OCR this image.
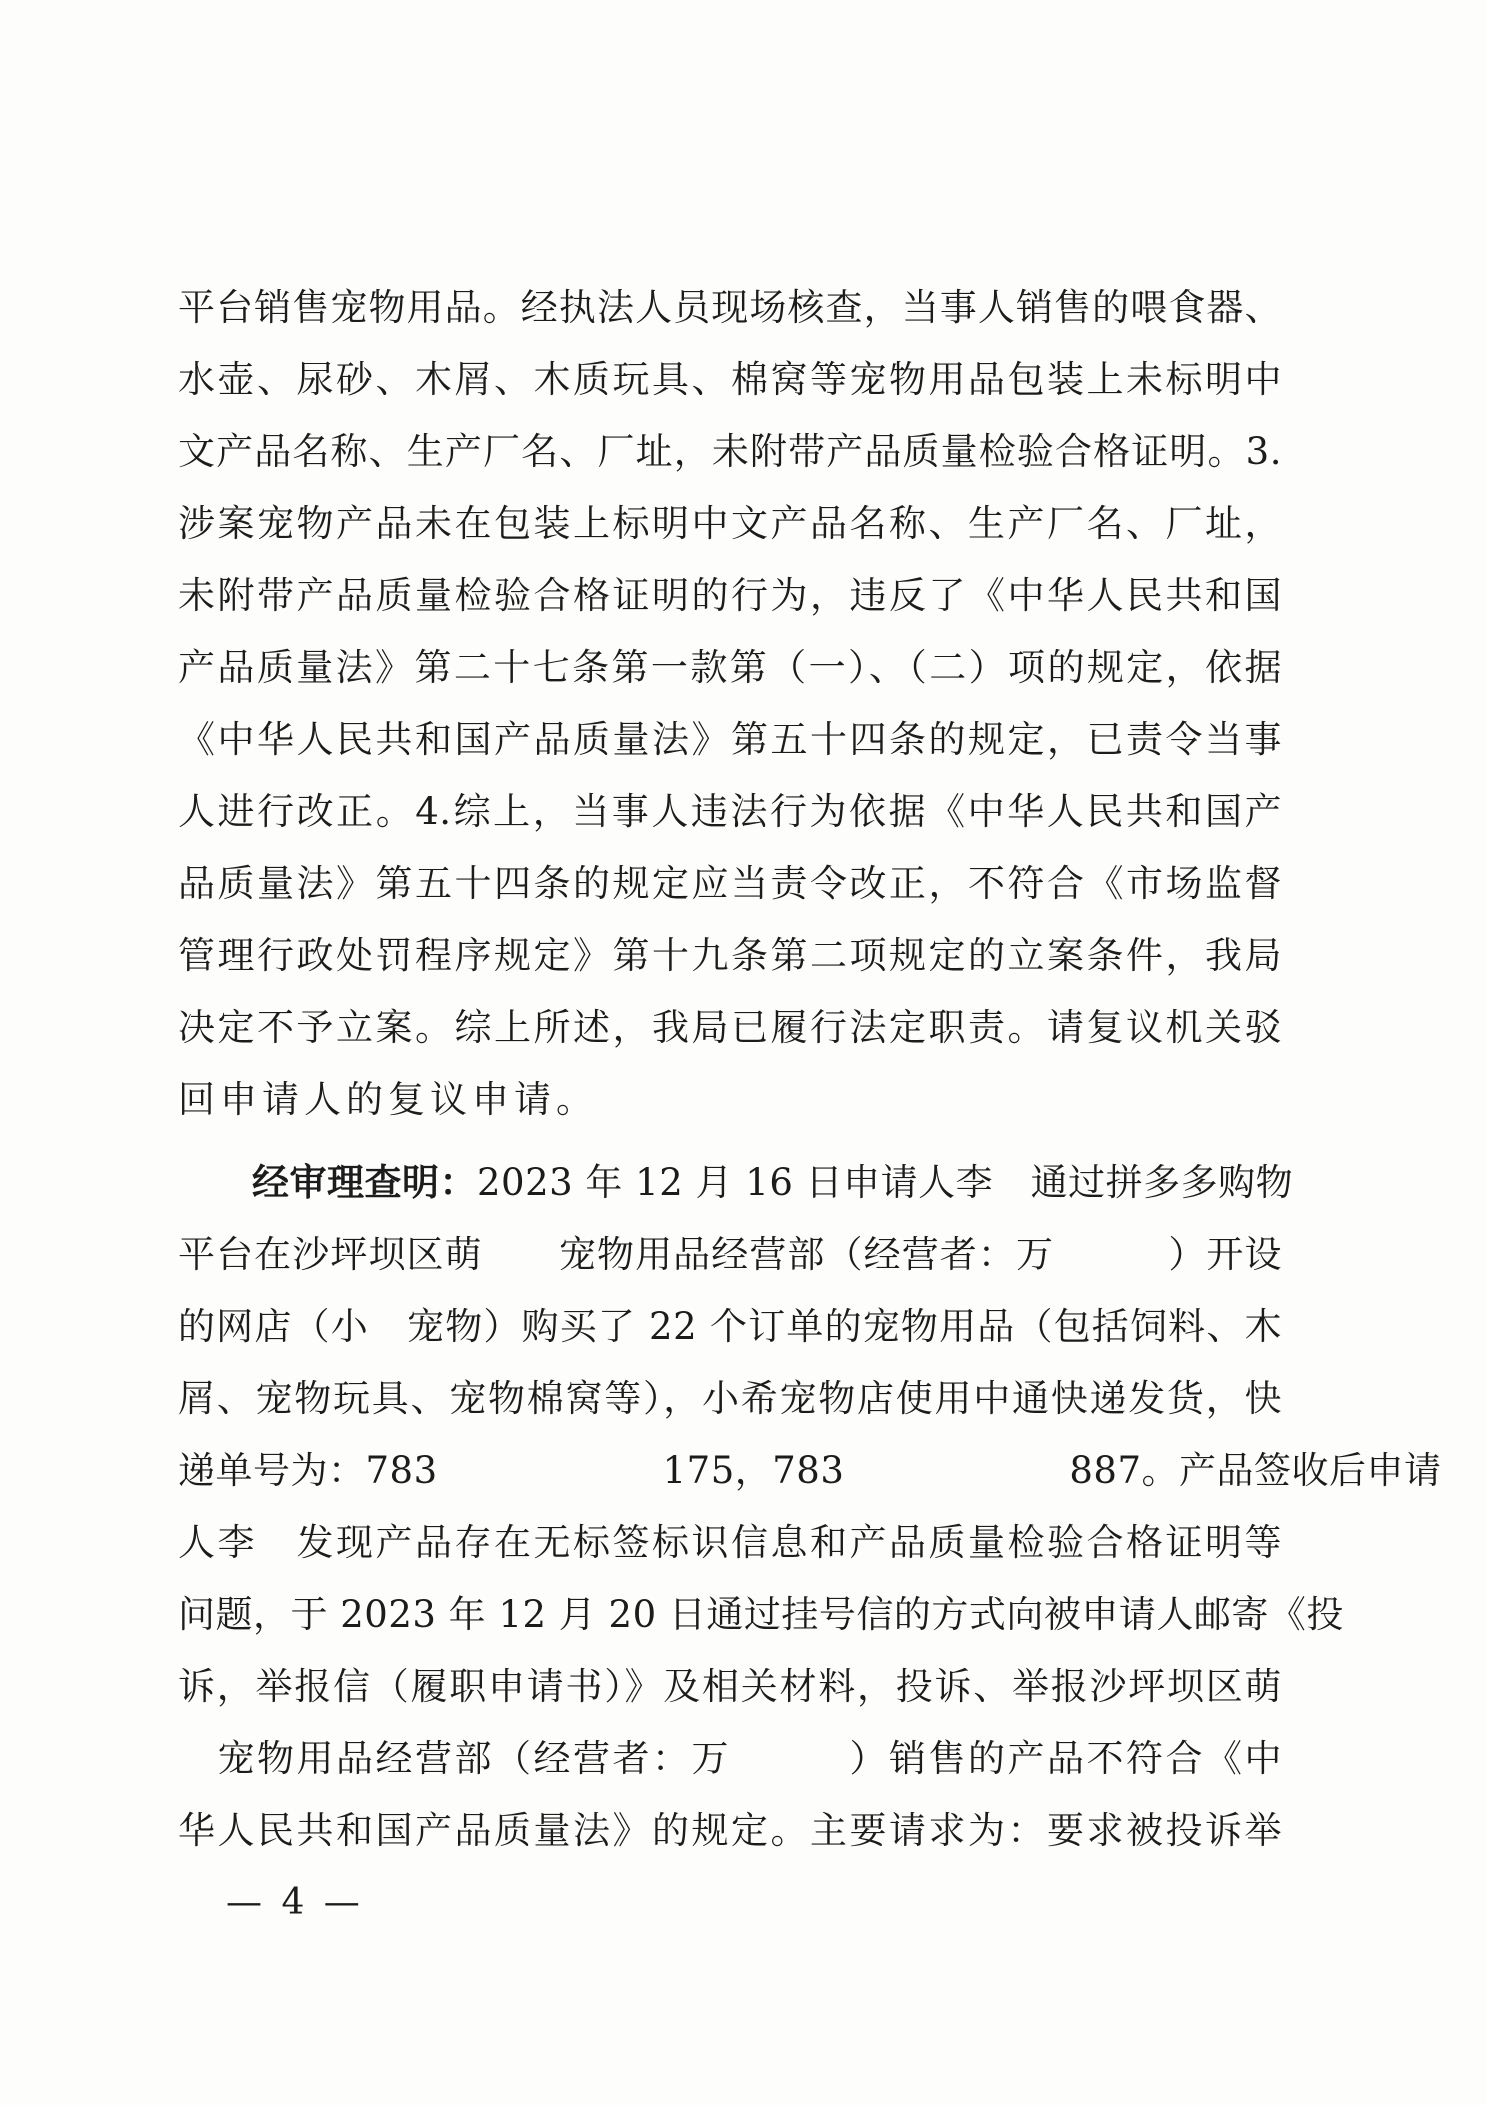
平台销售宠物用品。经执法人员现场核查，当事人销售的喂食器、
水壶、尿砂、木屑、木质玩具、棉窝等宠物用品包装上未标明中
文产品名称、生产厂名、厂址，未附带产品质量检验合格证明。3.
涉案宠物产品未在包装上标明中文产品名称、生产厂名、厂址，
未附带产品质量检验合格证明的行为，违反了《中华人民共和国
产品质量法》第二十七条第一款第（一）、（二）项的规定，依据
《中华人民共和国产品质量法》第五十四条的规定，已责令当事
人进行改正。4.综上，当事人违法行为依据《中华人民共和国产
品质量法》第五十四条的规定应当责令改正，不符合《市场监督
管理行政处罚程序规定》第十九条第二项规定的立案条件，我局
决定不予立案。综上所述，我局已履行法定职责。请复议机关驳
回申请人的复议申请。
经审理查明：2023 年 12 月 16 日申请人李　通过拼多多购物
平台在沙坪坝区萌　　宠物用品经营部（经营者：万　　　）开设
的网店（小　宠物）购买了 22 个订单的宠物用品（包括饲料、木
屑、宠物玩具、宠物棉窝等），小希宠物店使用中通快递发货，快
递单号为：783　　　　　　175，783　　　　　　887。产品签收后申请
人李　发现产品存在无标签标识信息和产品质量检验合格证明等
问题，于 2023 年 12 月 20 日通过挂号信的方式向被申请人邮寄《投
诉，举报信（履职申请书）》及相关材料，投诉、举报沙坪坝区萌
　宠物用品经营部（经营者：万　　　）销售的产品不符合《中
华人民共和国产品质量法》的规定。主要请求为：要求被投诉举
— 4 —
